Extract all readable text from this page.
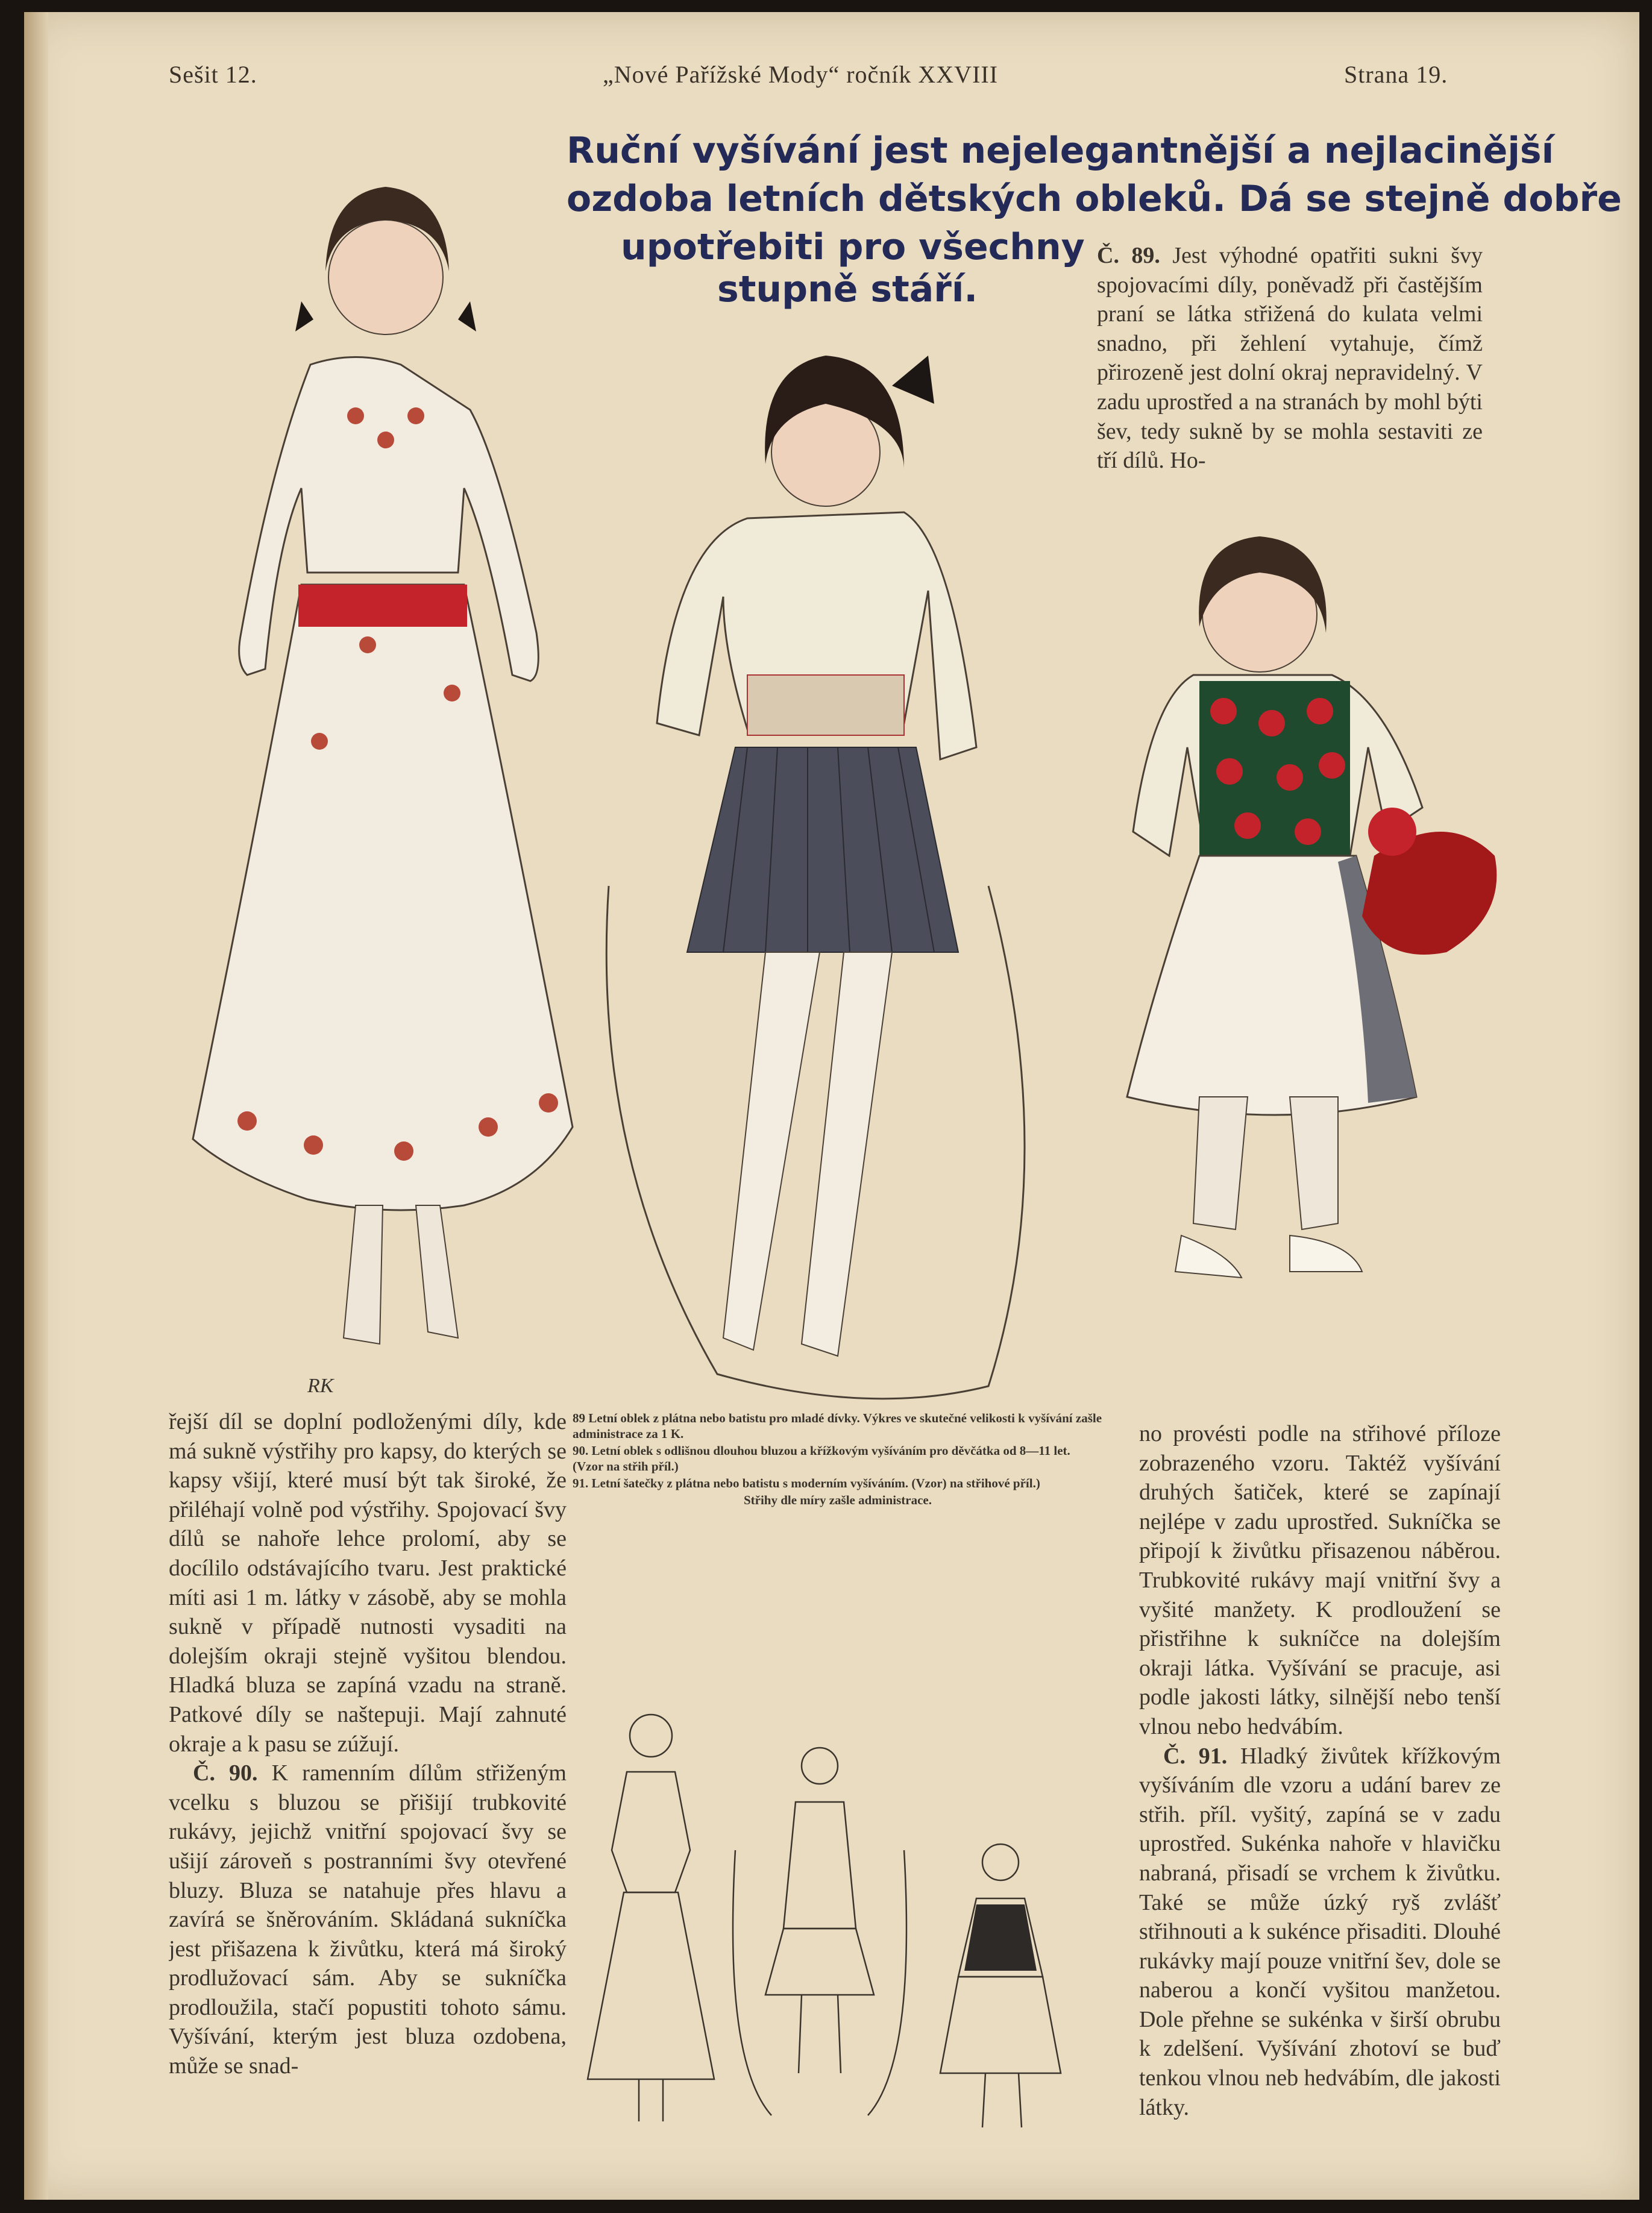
Sešit 12.	„Nové Pařížské Mody“ ročník XXVIII	Strana 19.
Ruční vyšívání jest nejelegantnější a nejlacinější
ozdoba letních dětských obleků. Dá se stejně dobře
upotřebiti pro všechny
stupně stáří.

Č. 89. Jest výhodné opatřiti sukni švy spojovacími díly, poněvadž při častějším praní se látka střižená do kulata velmi snadno, při žehlení vytahuje, čímž přirozeně jest dolní okraj nepravidelný. V zadu uprostřed a na stranách by mohl býti šev, tedy sukně by se mohla sestaviti ze tří dílů. Ho-

RK

řejší díl se doplní podloženými díly, kde má sukně výstřihy pro kapsy, do kterých se kapsy všijí, které musí být tak široké, že přiléhají volně pod výstřihy. Spojovací švy dílů se nahoře lehce prolomí, aby se docílilo odstávajícího tvaru. Jest praktické míti asi 1 m. látky v zásobě, aby se mohla sukně v případě nutnosti vysaditi na dolejším okraji stejně vyšitou blendou. Hladká bluza se zapíná vzadu na straně. Patkové díly se naštepuji. Mají zahnuté okraje a k pasu se zúžují.

Č. 90. K ramenním dílům střiženým vcelku s bluzou se přišijí trubkovité rukávy, jejichž vnitřní spojovací švy se ušijí zároveň s postranními švy otevřené bluzy. Bluza se natahuje přes hlavu a zavírá se šněrováním. Skládaná sukníčka jest přišazena k živůtku, která má široký prodlužovací sám. Aby se sukníčka prodloužila, stačí popustiti tohoto sámu. Vyšívání, kterým jest bluza ozdobena, může se snad-

89 Letní oblek z plátna nebo batistu pro mladé dívky. Výkres ve skutečné velikosti k vyšívání zašle administrace za 1 K.

90. Letní oblek s odlišnou dlouhou bluzou a křížkovým vyšíváním pro děvčátka od 8—11 let. (Vzor na střih příl.)

91. Letní šatečky z plátna nebo batistu s moderním vyšíváním. (Vzor) na střihové příl.)

Střihy dle míry zašle administrace.

no provésti podle na střihové příloze zobrazeného vzoru. Taktéž vyšívání druhých šatiček, které se zapínají nejlépe v zadu uprostřed. Sukníčka se připojí k živůtku přisazenou náběrou. Trubkovité rukávy mají vnitřní švy a vyšité manžety. K prodloužení se přistřihne k sukníčce na dolejším okraji látka. Vyšívání se pracuje, asi podle jakosti látky, silnější nebo tenší vlnou nebo hedvábím.

Č. 91. Hladký živůtek křížkovým vyšíváním dle vzoru a udání barev ze střih. příl. vyšitý, zapíná se v zadu uprostřed. Sukénka nahoře v hlavičku nabraná, přisadí se vrchem k živůtku. Také se může úzký ryš zvlášť střihnouti a k sukénce přisaditi. Dlouhé rukávky mají pouze vnitřní šev, dole se naberou a končí vyšitou manžetou. Dole přehne se sukénka v širší obrubu k zdelšení. Vyšívání zhotoví se buď tenkou vlnou neb hedvábím, dle jakosti látky.
